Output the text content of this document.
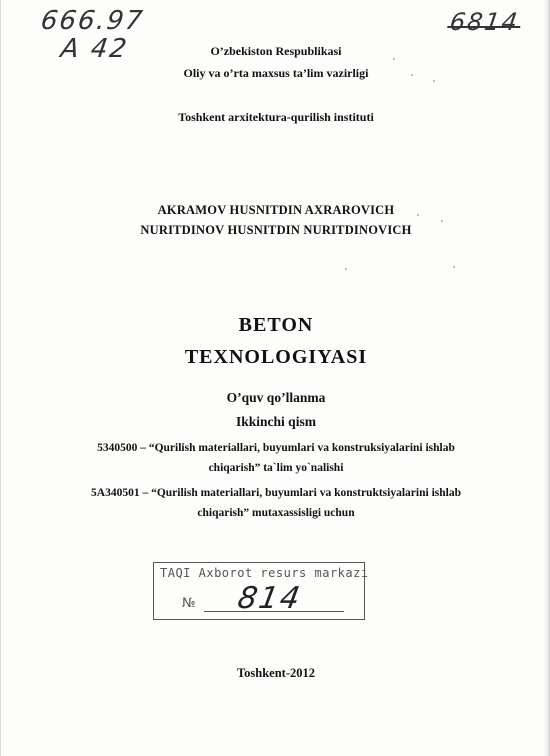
666.97
A 42
6814
O’zbekiston Respublikasi
Oliy va o’rta maxsus ta’lim vazirligi
Toshkent arxitektura-qurilish instituti
AKRAMOV HUSNITDIN AXRAROVICH
NURITDINOV HUSNITDIN NURITDINOVICH
BETON
TEXNOLOGIYASI
O’quv qo’llanma
Ikkinchi qism
5340500 – “Qurilish materiallari, buyumlari va konstruksiyalarini ishlab
chiqarish” ta`lim yo`nalishi
5A340501 – “Qurilish materiallari, buyumlari va konstruktsiyalarini ishlab
chiqarish” mutaxassisligi uchun
TAQI Axborot resurs markazi
№ 814
Toshkent-2012
